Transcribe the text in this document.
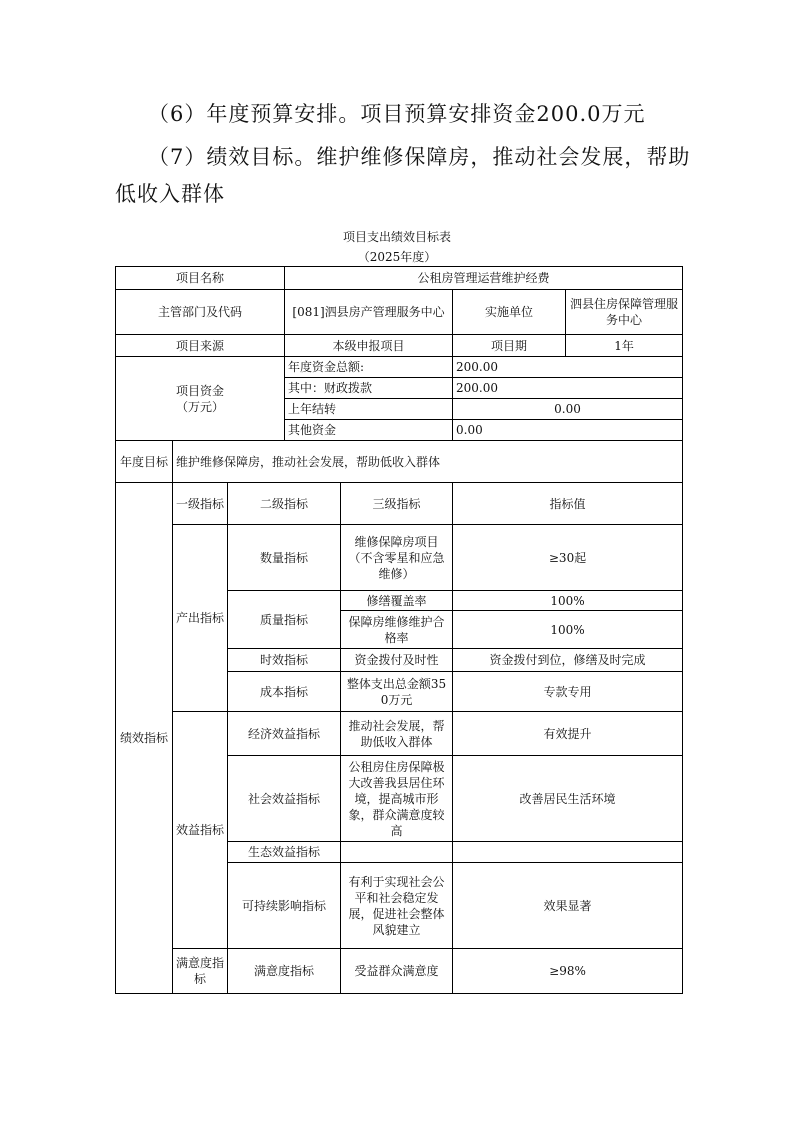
（6）年度预算安排。项目预算安排资金200.0万元
（7）绩效目标。维护维修保障房，推动社会发展，帮助
低收入群体
项目支出绩效目标表
（2025年度）
项目名称			公租房管理运营维护经费			
主管部门及代码			[081]泗县房产管理服务中心		实施单位	泗县住房保障管理服务中心
项目来源			本级申报项目		项目期	1年

项目资金
（万元）			年度资金总额:		200.00	
			其中：财政拨款		200.00	
			上年结转		0.00	
			其他资金		0.00	
年度目标	维护维修保障房，推动社会发展，帮助低收入群体					
绩效指标	一级指标	二级指标		三级指标	指标值	
	产出指标	数量指标		维修保障房项目（不含零星和应急维修）	≥30起	
		质量指标		修缮覆盖率	100%	
				保障房维修维护合格率	100%	
		时效指标		资金拨付及时性	资金拨付到位，修缮及时完成	
		成本指标		整体支出总金额350万元	专款专用	
	效益指标	经济效益指标		推动社会发展，帮助低收入群体	有效提升	
		社会效益指标		公租房住房保障极大改善我县居住环境，提高城市形象，群众满意度较高	改善居民生活环境	
		生态效益指标				
		可持续影响指标		有利于实现社会公平和社会稳定发展，促进社会整体风貌建立	效果显著	
	满意度指标	满意度指标		受益群众满意度	≥98%	
